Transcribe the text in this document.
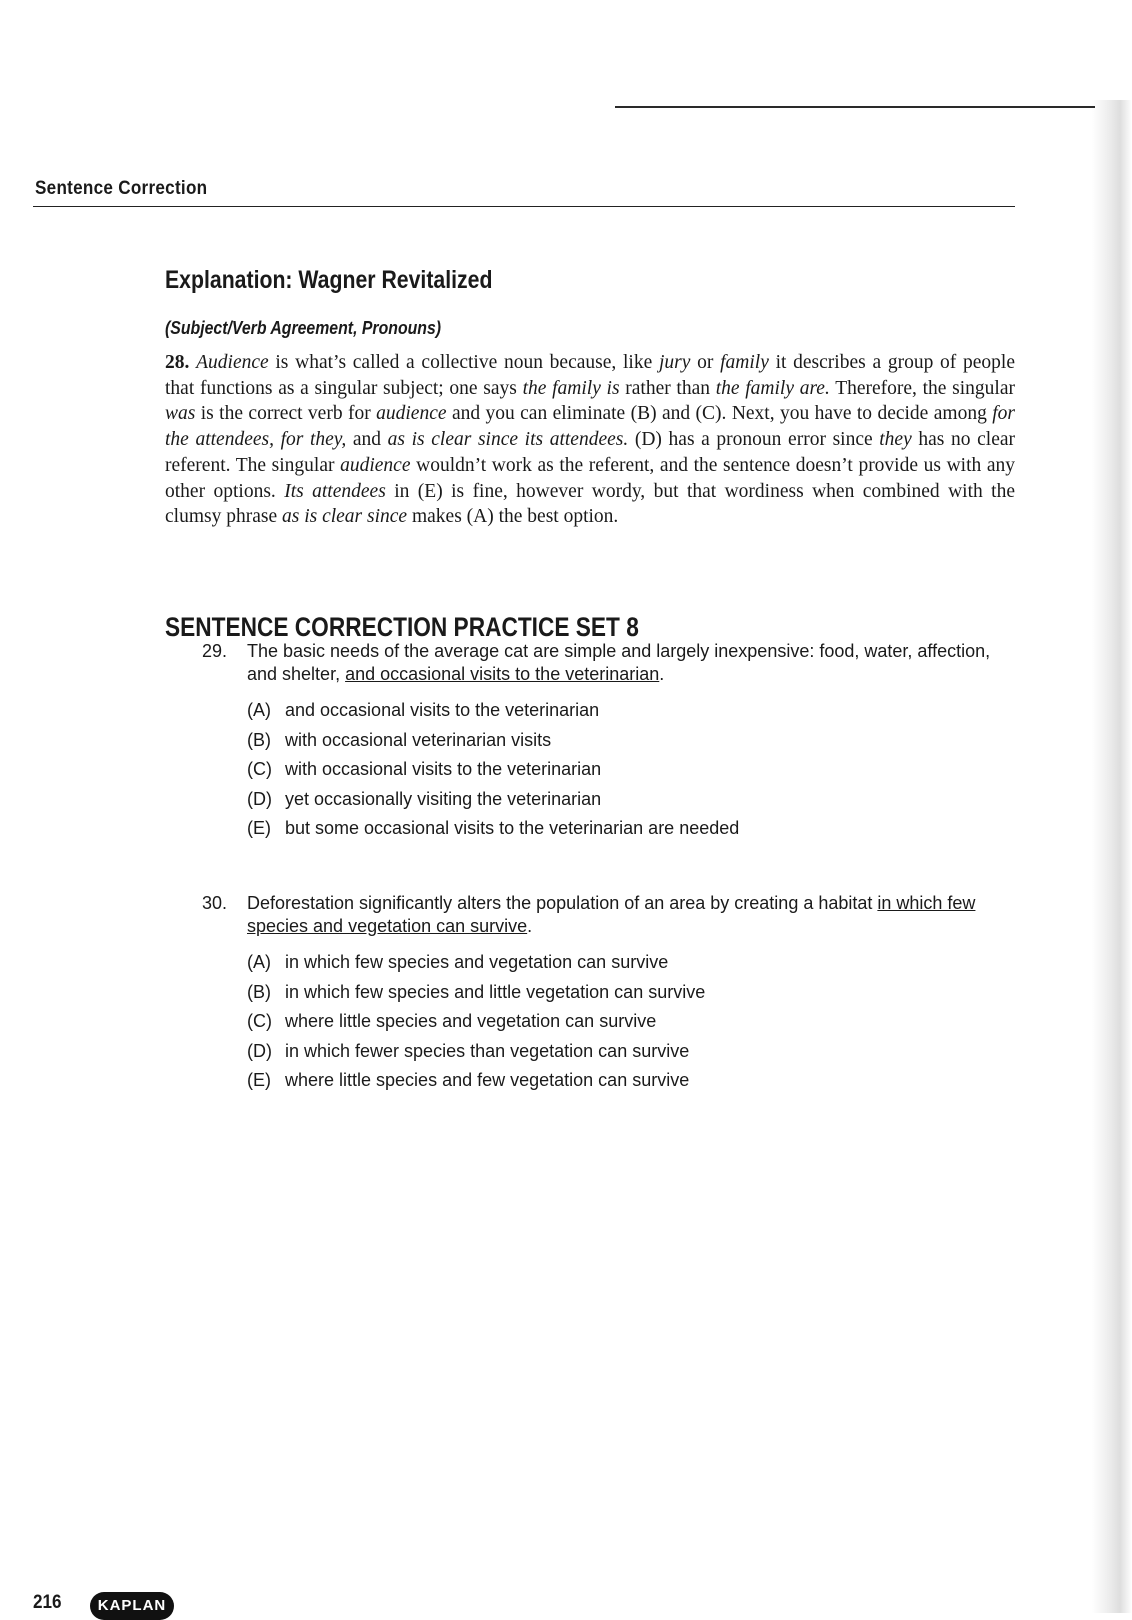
Sentence Correction
Explanation: Wagner Revitalized
(Subject/Verb Agreement, Pronouns)

28. Audience is what’s called a collective noun because, like jury or family it describes a group of people that functions as a singular subject; one says the family is rather than the family are. Therefore, the singular was is the correct verb for audience and you can eliminate (B) and (C). Next, you have to decide among for the attendees, for they, and as is clear since its attendees. (D) has a pronoun error since they has no clear referent. The singular audience wouldn’t work as the referent, and the sentence doesn’t provide us with any other options. Its attendees in (E) is fine, however wordy, but that wordiness when combined with the clumsy phrase as is clear since makes (A) the best option.

SENTENCE CORRECTION PRACTICE SET 8
29. The basic needs of the average cat are simple and largely inexpensive: food, water, affection, and shelter, and occasional visits to the veterinarian.
(A) and occasional visits to the veterinarian
(B) with occasional veterinarian visits
(C) with occasional visits to the veterinarian
(D) yet occasionally visiting the veterinarian
(E) but some occasional visits to the veterinarian are needed
30. Deforestation significantly alters the population of an area by creating a habitat in which few species and vegetation can survive.
(A) in which few species and vegetation can survive
(B) in which few species and little vegetation can survive
(C) where little species and vegetation can survive
(D) in which fewer species than vegetation can survive
(E) where little species and few vegetation can survive
216	KAPLAN
